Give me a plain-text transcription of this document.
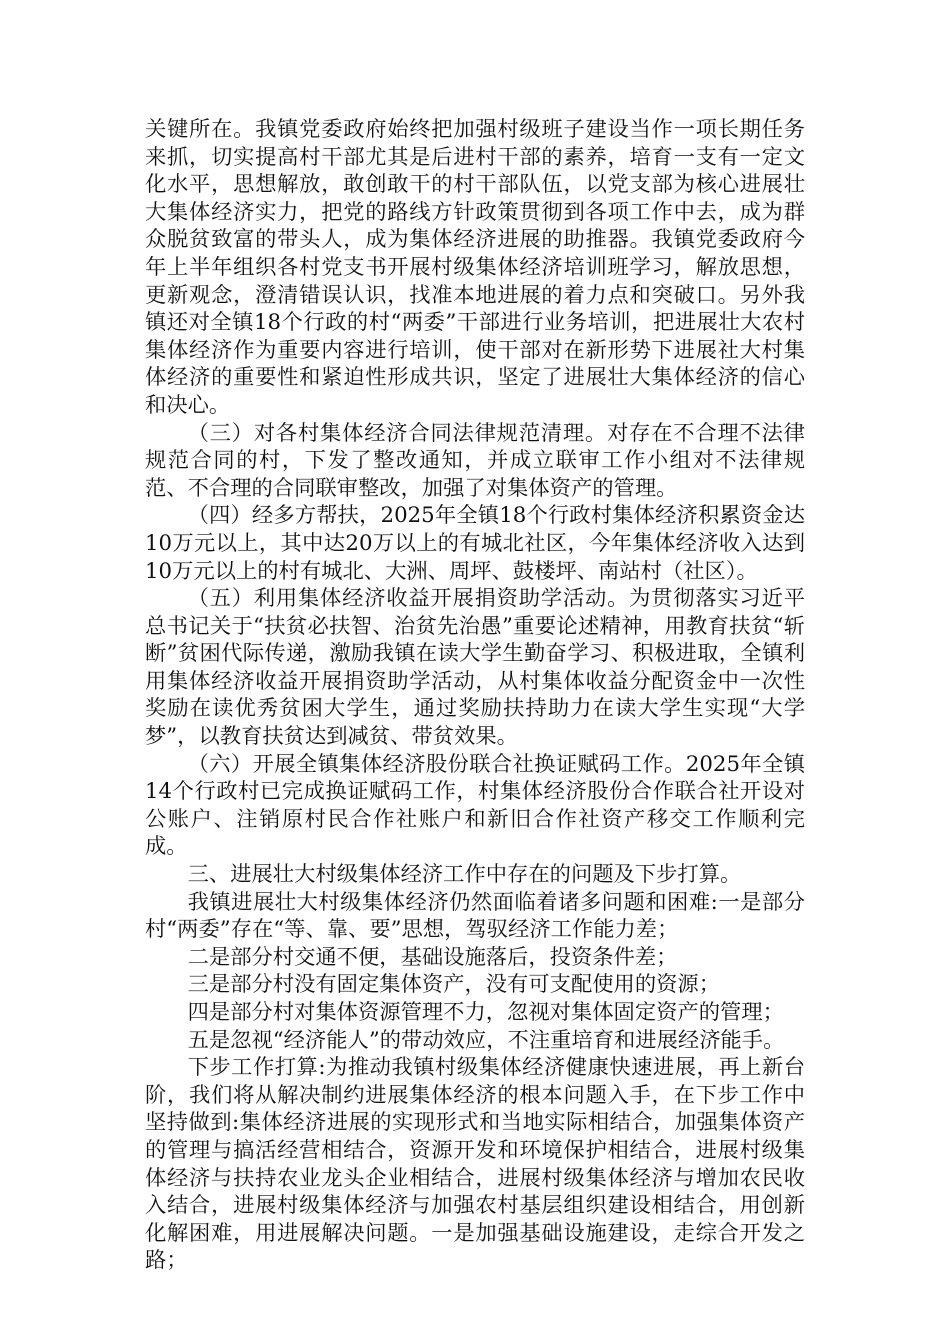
关键所在。我镇党委政府始终把加强村级班子建设当作一项长期任务来抓，切实提高村干部尤其是后进村干部的素养，培育一支有一定文化水平，思想解放，敢创敢干的村干部队伍，以党支部为核心进展壮大集体经济实力，把党的路线方针政策贯彻到各项工作中去，成为群众脱贫致富的带头人，成为集体经济进展的助推器。我镇党委政府今年上半年组织各村党支书开展村级集体经济培训班学习，解放思想，更新观念，澄清错误认识，找准本地进展的着力点和突破口。另外我镇还对全镇18个行政的村“两委”干部进行业务培训，把进展壮大农村集体经济作为重要内容进行培训，使干部对在新形势下进展社大村集体经济的重要性和紧迫性形成共识，坚定了进展壮大集体经济的信心和决心。

（三）对各村集体经济合同法律规范清理。对存在不合理不法律规范合同的村，下发了整改通知，并成立联审工作小组对不法律规范、不合理的合同联审整改，加强了对集体资产的管理。

（四）经多方帮扶，2025年全镇18个行政村集体经济积累资金达10万元以上，其中达20万以上的有城北社区，今年集体经济收入达到10万元以上的村有城北、大洲、周坪、鼓楼坪、南站村（社区）。

（五）利用集体经济收益开展捐资助学活动。为贯彻落实习近平总书记关于“扶贫必扶智、治贫先治愚”重要论述精神，用教育扶贫“斩断”贫困代际传递，激励我镇在读大学生勤奋学习、积极进取，全镇利用集体经济收益开展捐资助学活动，从村集体收益分配资金中一次性奖励在读优秀贫困大学生，通过奖励扶持助力在读大学生实现“大学梦”，以教育扶贫达到减贫、带贫效果。

（六）开展全镇集体经济股份联合社换证赋码工作。2025年全镇14个行政村已完成换证赋码工作，村集体经济股份合作联合社开设对公账户、注销原村民合作社账户和新旧合作社资产移交工作顺利完成。

三、进展壮大村级集体经济工作中存在的问题及下步打算。

我镇进展壮大村级集体经济仍然面临着诸多问题和困难:一是部分村“两委”存在“等、靠、要”思想，驾驭经济工作能力差；

二是部分村交通不便，基础设施落后，投资条件差；

三是部分村没有固定集体资产，没有可支配使用的资源；

四是部分村对集体资源管理不力，忽视对集体固定资产的管理；

五是忽视“经济能人”的带动效应，不注重培育和进展经济能手。

下步工作打算:为推动我镇村级集体经济健康快速进展，再上新台阶，我们将从解决制约进展集体经济的根本问题入手，在下步工作中坚持做到:集体经济进展的实现形式和当地实际相结合，加强集体资产的管理与搞活经营相结合，资源开发和环境保护相结合，进展村级集体经济与扶持农业龙头企业相结合，进展村级集体经济与增加农民收入结合，进展村级集体经济与加强农村基层组织建设相结合，用创新化解困难，用进展解决问题。一是加强基础设施建设，走综合开发之路；
